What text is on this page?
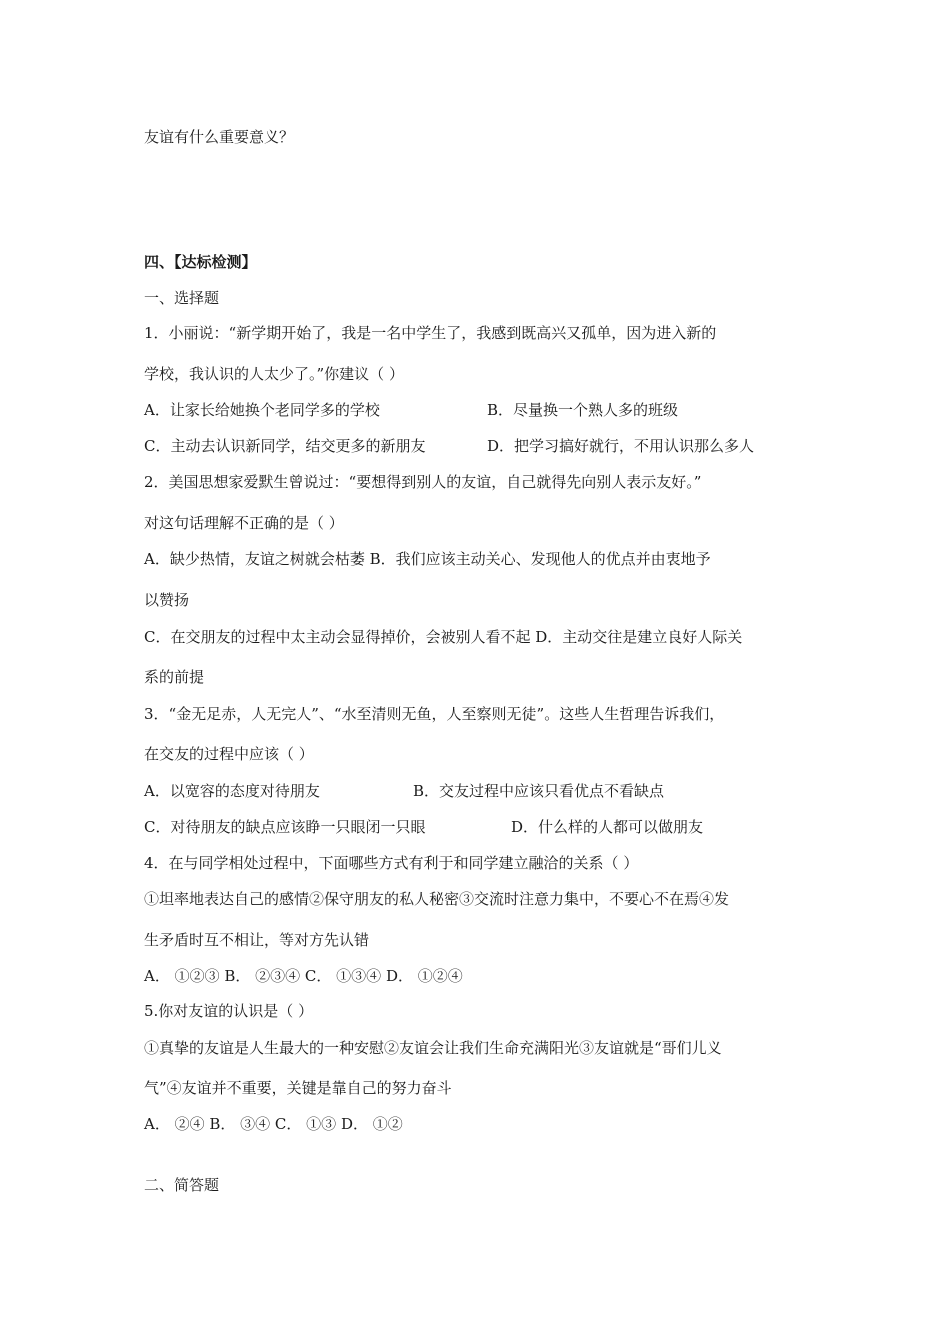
友谊有什么重要意义？
四、【达标检测】
一、选择题
1．小丽说：“新学期开始了，我是一名中学生了，我感到既高兴又孤单，因为进入新的
学校，我认识的人太少了。”你建议（ ）
A．让家长给她换个老同学多的学校	B．尽量换一个熟人多的班级
C．主动去认识新同学，结交更多的新朋友	D．把学习搞好就行，不用认识那么多人
2．美国思想家爱默生曾说过：“要想得到别人的友谊，自己就得先向别人表示友好。”
对这句话理解不正确的是（ ）
A．缺少热情，友谊之树就会枯萎 B．我们应该主动关心、发现他人的优点并由衷地予
以赞扬
C．在交朋友的过程中太主动会显得掉价，会被别人看不起 D．主动交往是建立良好人际关
系的前提
3．“金无足赤，人无完人”、“水至清则无鱼，人至察则无徒”。这些人生哲理告诉我们，
在交友的过程中应该（ ）
A．以宽容的态度对待朋友	B．交友过程中应该只看优点不看缺点
C．对待朋友的缺点应该睁一只眼闭一只眼	D．什么样的人都可以做朋友
4．在与同学相处过程中，下面哪些方式有利于和同学建立融洽的关系（ ）
①坦率地表达自己的感情②保守朋友的私人秘密③交流时注意力集中，不要心不在焉④发
生矛盾时互不相让，等对方先认错
A． ①②③ B． ②③④ C． ①③④ D． ①②④
5.你对友谊的认识是（ ）
①真挚的友谊是人生最大的一种安慰②友谊会让我们生命充满阳光③友谊就是“哥们儿义
气”④友谊并不重要，关键是靠自己的努力奋斗
A． ②④ B． ③④ C． ①③ D． ①②
二、简答题
